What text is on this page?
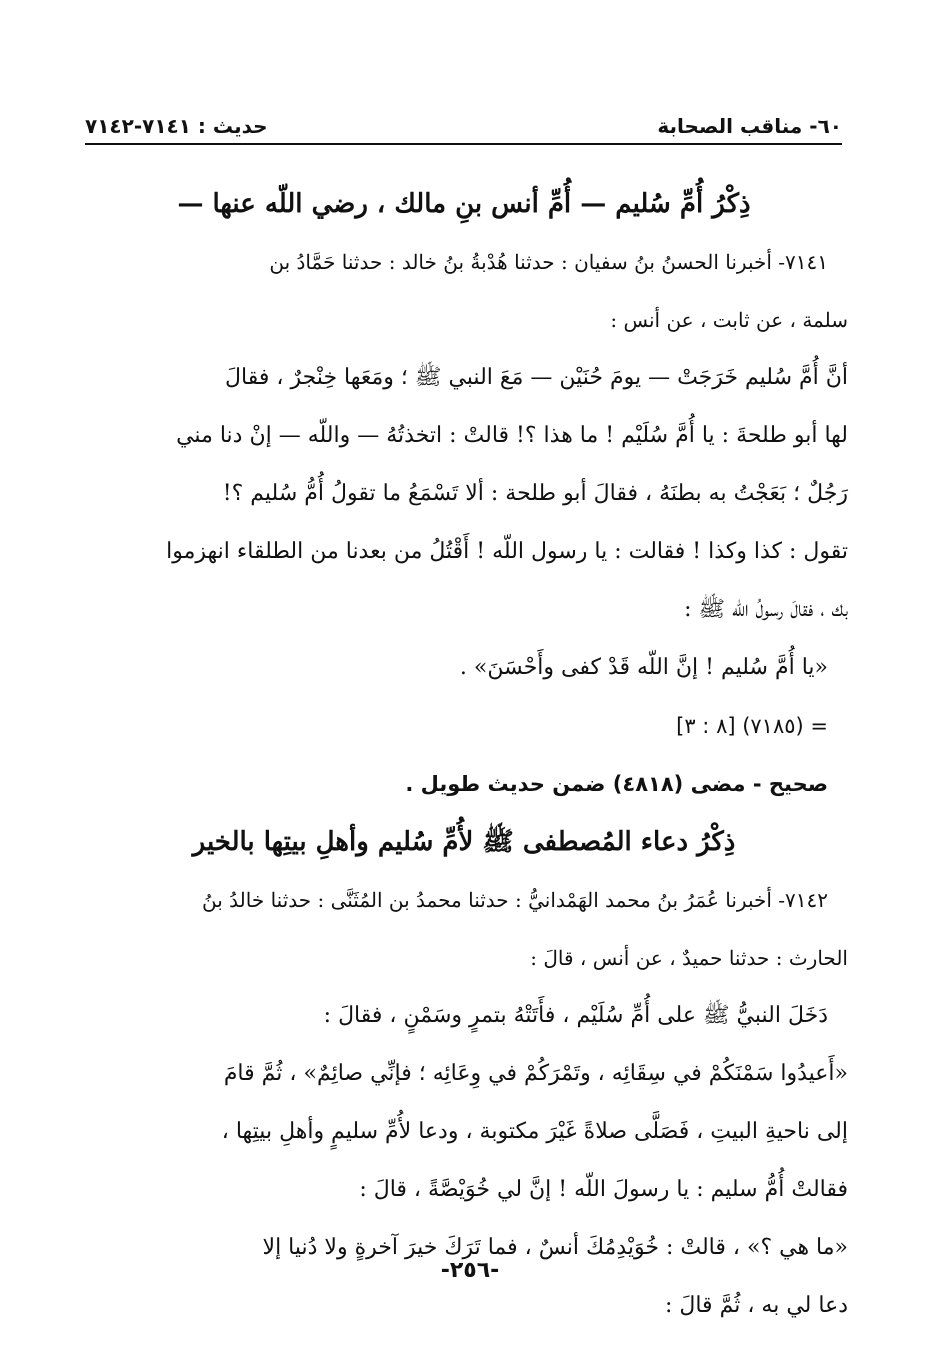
٦٠- مناقب الصحابة
حديث : ٧١٤١-٧١٤٢

ذِكْرُ أُمِّ سُليم — أُمِّ أنس بنِ مالك ، رضي اللّه عنها —

٧١٤١- أخبرنا الحسنُ بنُ سفيان : حدثنا هُدْبةُ بنُ خالد : حدثنا حَمَّادُ بن

سلمة ، عن ثابت ، عن أنس :

أنَّ أُمَّ سُليم خَرَجَتْ — يومَ حُنَيْن — مَعَ النبي ﷺ ؛ ومَعَها خِنْجرٌ ، فقالَ

لها أبو طلحةَ : يا أُمَّ سُلَيْم ! ما هذا ؟! قالتْ : اتخذتُهُ — واللّه — إنْ دنا مني

رَجُلٌ ؛ بَعَجْتُ به بطنَهُ ، فقالَ أبو طلحة : ألا تَسْمَعُ ما تقولُ أُمُّ سُليم ؟!

تقول : كذا وكذا ! فقالت : يا رسول اللّه ! أَقْتُلُ من بعدنا من الطلقاء انهزموا

بك ، فقالَ رسولُ اللّه ﷺ :

«يا أُمَّ سُليم ! إنَّ اللّه قَدْ كفى وأَحْسَنَ» .

= (٧١٨٥) [٨ : ٣]

صحيح - مضى (٤٨١٨) ضمن حديث طويل .

ذِكْرُ دعاء المُصطفى ﷺ لأُمِّ سُليم وأهلِ بيتِها بالخير

٧١٤٢- أخبرنا عُمَرُ بنُ محمد الهَمْدانيُّ : حدثنا محمدُ بن المُثَنَّى : حدثنا خالدُ بنُ

الحارث : حدثنا حميدٌ ، عن أنس ، قالَ :

دَخَلَ النبيُّ ﷺ على أُمِّ سُلَيْم ، فأَتَتْهُ بتمرٍ وسَمْنٍ ، فقالَ :

«أَعيدُوا سَمْنَكُمْ في سِقَائِه ، وتَمْرَكُمْ في وِعَائِه ؛ فإنِّي صائِمٌ» ، ثُمَّ قامَ

إلى ناحيةِ البيتِ ، فَصَلَّى صلاةً غَيْرَ مكتوبة ، ودعا لأُمِّ سليمٍ وأهلِ بيتِها ،

فقالتْ أُمُّ سليم : يا رسولَ اللّه ! إنَّ لي خُوَيْصَّةً ، قالَ :

«ما هي ؟» ، قالتْ : خُوَيْدِمُكَ أنسٌ ، فما تَرَكَ خيرَ آخرةٍ ولا دُنيا إلا

دعا لي به ، ثُمَّ قالَ :

-٢٥٦-
